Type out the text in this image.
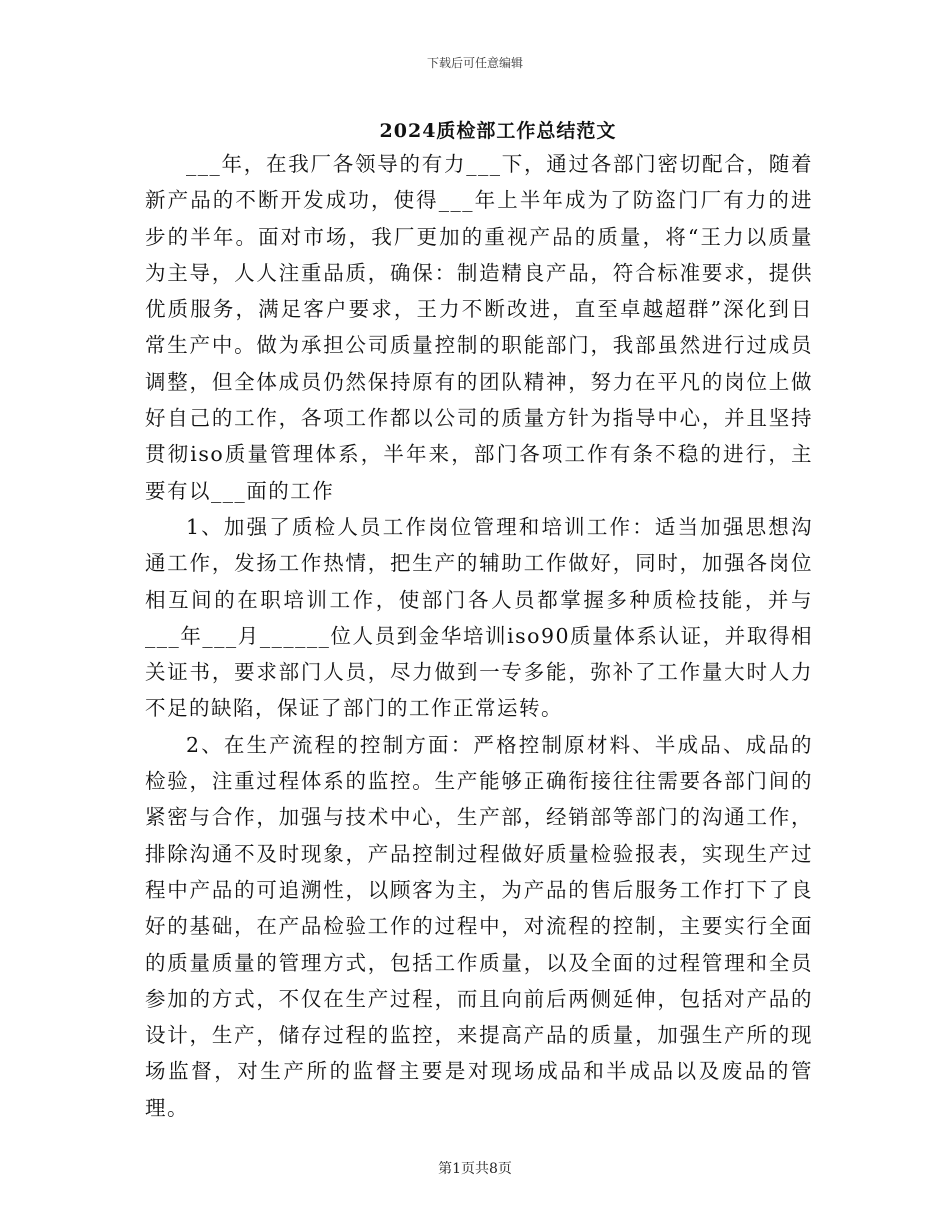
下载后可任意编辑
2024质检部工作总结范文

___年，在我厂各领导的有力___下，通过各部门密切配合，随着新产品的不断开发成功，使得___年上半年成为了防盗门厂有力的进步的半年。面对市场，我厂更加的重视产品的质量，将“王力以质量为主导，人人注重品质，确保：制造精良产品，符合标准要求，提供优质服务，满足客户要求，王力不断改进，直至卓越超群”深化到日常生产中。做为承担公司质量控制的职能部门，我部虽然进行过成员调整，但全体成员仍然保持原有的团队精神，努力在平凡的岗位上做好自己的工作，各项工作都以公司的质量方针为指导中心，并且坚持贯彻iso质量管理体系，半年来，部门各项工作有条不稳的进行，主要有以___面的工作

1、加强了质检人员工作岗位管理和培训工作：适当加强思想沟通工作，发扬工作热情，把生产的辅助工作做好，同时，加强各岗位相互间的在职培训工作，使部门各人员都掌握多种质检技能，并与___年___月______位人员到金华培训iso90质量体系认证，并取得相关证书，要求部门人员，尽力做到一专多能，弥补了工作量大时人力不足的缺陷，保证了部门的工作正常运转。

2、在生产流程的控制方面：严格控制原材料、半成品、成品的检验，注重过程体系的监控。生产能够正确衔接往往需要各部门间的紧密与合作，加强与技术中心，生产部，经销部等部门的沟通工作，排除沟通不及时现象，产品控制过程做好质量检验报表，实现生产过程中产品的可追溯性，以顾客为主，为产品的售后服务工作打下了良好的基础，在产品检验工作的过程中，对流程的控制，主要实行全面的质量质量的管理方式，包括工作质量，以及全面的过程管理和全员参加的方式，不仅在生产过程，而且向前后两侧延伸，包括对产品的设计，生产，储存过程的监控，来提高产品的质量，加强生产所的现场监督，对生产所的监督主要是对现场成品和半成品以及废品的管理。

第1页共8页
